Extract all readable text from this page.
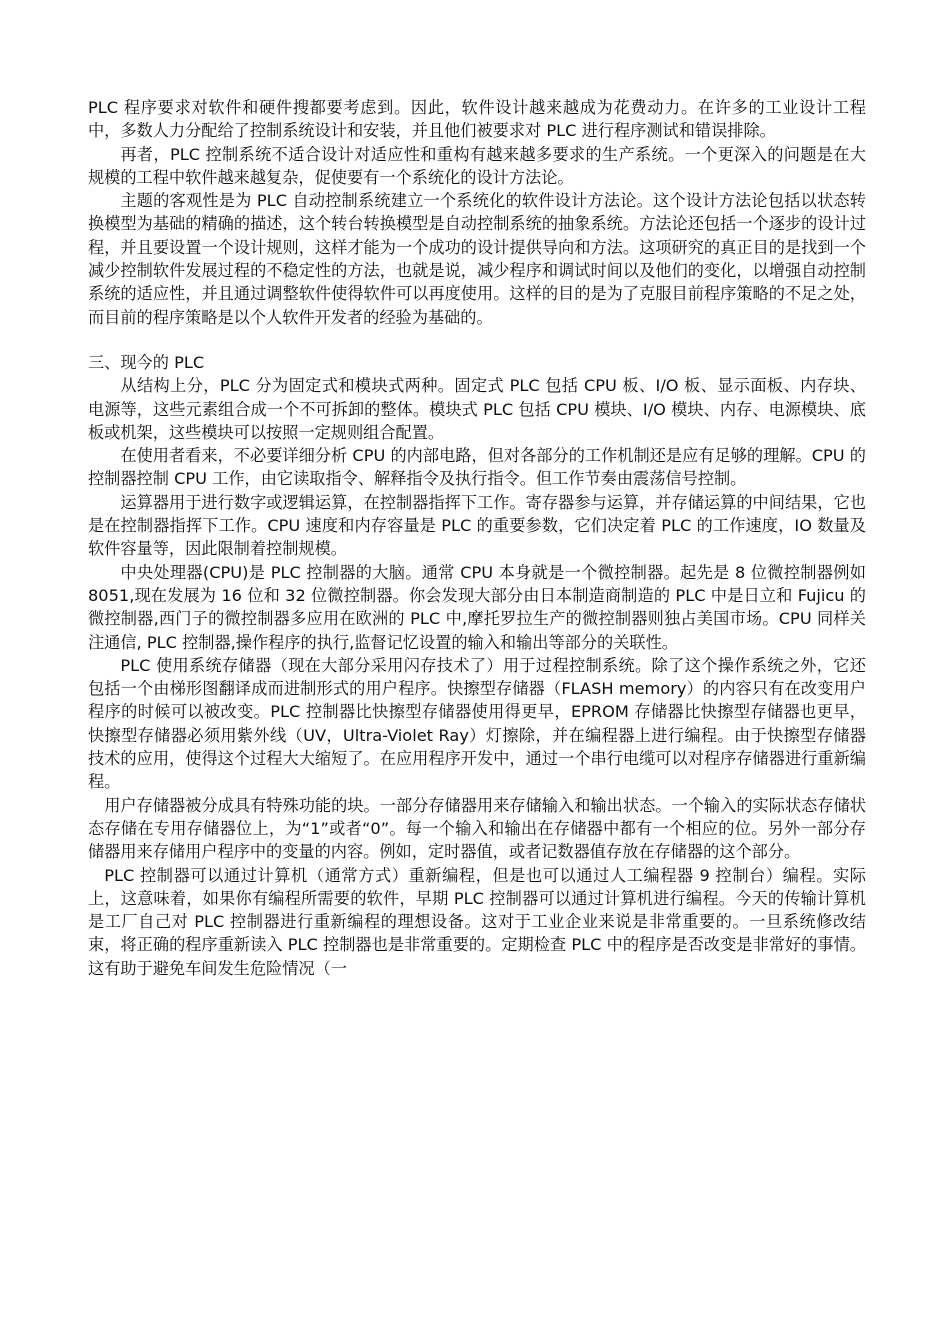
PLC 程序要求对软件和硬件搜都要考虑到。因此，软件设计越来越成为花费动力。在许多的工业设计工程中，多数人力分配给了控制系统设计和安装，并且他们被要求对 PLC 进行程序测试和错误排除。

再者，PLC 控制系统不适合设计对适应性和重构有越来越多要求的生产系统。一个更深入的问题是在大规模的工程中软件越来越复杂，促使要有一个系统化的设计方法论。

主题的客观性是为 PLC 自动控制系统建立一个系统化的软件设计方法论。这个设计方法论包括以状态转换模型为基础的精确的描述，这个转台转换模型是自动控制系统的抽象系统。方法论还包括一个逐步的设计过程，并且要设置一个设计规则，这样才能为一个成功的设计提供导向和方法。这项研究的真正目的是找到一个减少控制软件发展过程的不稳定性的方法，也就是说，减少程序和调试时间以及他们的变化，以增强自动控制系统的适应性，并且通过调整软件使得软件可以再度使用。这样的目的是为了克服目前程序策略的不足之处，而目前的程序策略是以个人软件开发者的经验为基础的。

三、现今的 PLC

从结构上分，PLC 分为固定式和模块式两种。固定式 PLC 包括 CPU 板、I/O 板、显示面板、内存块、电源等，这些元素组合成一个不可拆卸的整体。模块式 PLC 包括 CPU 模块、I/O 模块、内存、电源模块、底板或机架，这些模块可以按照一定规则组合配置。

在使用者看来，不必要详细分析 CPU 的内部电路，但对各部分的工作机制还是应有足够的理解。CPU 的控制器控制 CPU 工作，由它读取指令、解释指令及执行指令。但工作节奏由震荡信号控制。

运算器用于进行数字或逻辑运算，在控制器指挥下工作。寄存器参与运算，并存储运算的中间结果，它也是在控制器指挥下工作。CPU 速度和内存容量是 PLC 的重要参数，它们决定着 PLC 的工作速度，IO 数量及软件容量等，因此限制着控制规模。

中央处理器(CPU)是 PLC 控制器的大脑。通常 CPU 本身就是一个微控制器。起先是 8 位微控制器例如 8051,现在发展为 16 位和 32 位微控制器。你会发现大部分由日本制造商制造的 PLC 中是日立和 Fujicu 的微控制器,西门子的微控制器多应用在欧洲的 PLC 中,摩托罗拉生产的微控制器则独占美国市场。CPU 同样关注通信, PLC 控制器,操作程序的执行,监督记忆设置的输入和输出等部分的关联性。

PLC 使用系统存储器（现在大部分采用闪存技术了）用于过程控制系统。除了这个操作系统之外，它还包括一个由梯形图翻译成而进制形式的用户程序。快擦型存储器（FLASH memory）的内容只有在改变用户程序的时候可以被改变。PLC 控制器比快擦型存储器使用得更早，EPROM 存储器比快擦型存储器也更早，快擦型存储器必须用紫外线（UV，Ultra-Violet Ray）灯擦除，并在编程器上进行编程。由于快擦型存储器技术的应用，使得这个过程大大缩短了。在应用程序开发中，通过一个串行电缆可以对程序存储器进行重新编程。

用户存储器被分成具有特殊功能的块。一部分存储器用来存储输入和输出状态。一个输入的实际状态存储状态存储在专用存储器位上，为“1”或者“0”。每一个输入和输出在存储器中都有一个相应的位。另外一部分存储器用来存储用户程序中的变量的内容。例如，定时器值，或者记数器值存放在存储器的这个部分。

PLC 控制器可以通过计算机（通常方式）重新编程，但是也可以通过人工编程器 9 控制台）编程。实际上，这意味着，如果你有编程所需要的软件，早期 PLC 控制器可以通过计算机进行编程。今天的传输计算机是工厂自己对 PLC 控制器进行重新编程的理想设备。这对于工业企业来说是非常重要的。一旦系统修改结束，将正确的程序重新读入 PLC 控制器也是非常重要的。定期检查 PLC 中的程序是否改变是非常好的事情。这有助于避免车间发生危险情况（一
